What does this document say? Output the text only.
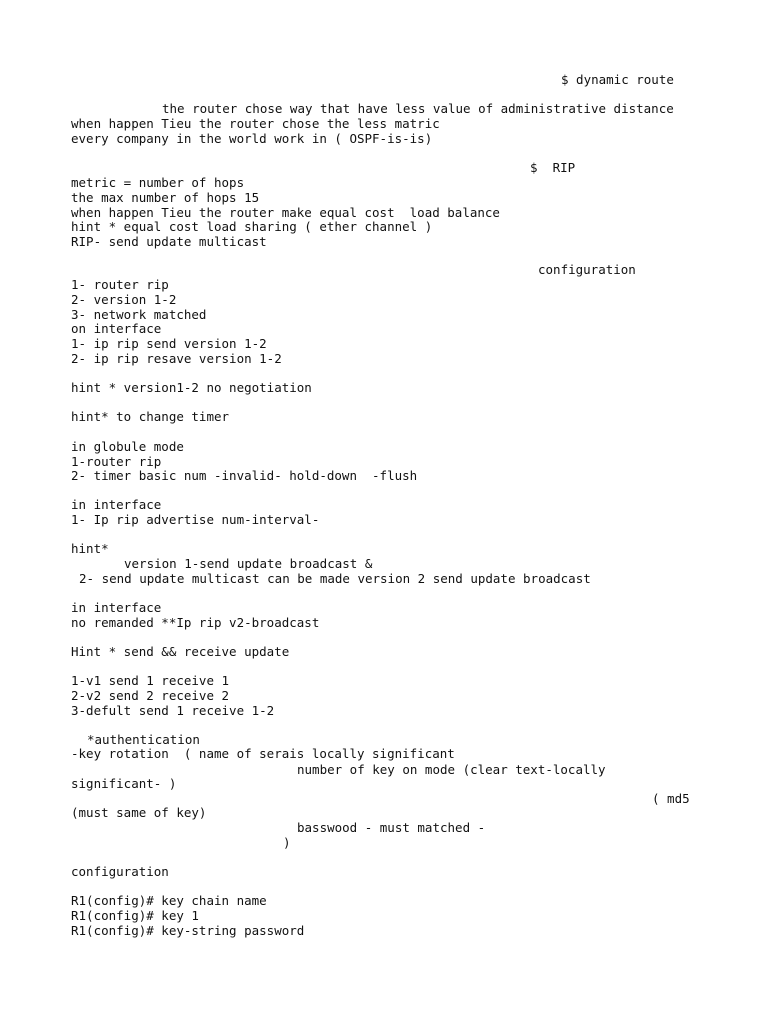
$ dynamic route

the router chose way that have less value of administrative distance

when happen Tieu the router chose the less matric

every company in the world work in ( OSPF-is-is)

$  RIP

metric = number of hops

the max number of hops 15

when happen Tieu the router make equal cost  load balance

hint * equal cost load sharing ( ether channel )

RIP- send update multicast

configuration

1- router rip

2- version 1-2

3- network matched

on interface

1- ip rip send version 1-2

2- ip rip resave version 1-2

hint * version1-2 no negotiation

hint* to change timer

in globule mode

1-router rip

2- timer basic num -invalid- hold-down  -flush

in interface

1- Ip rip advertise num-interval-

hint*

version 1-send update broadcast &

2- send update multicast can be made version 2 send update broadcast

in interface

no remanded **Ip rip v2-broadcast

Hint * send && receive update

1-v1 send 1 receive 1

2-v2 send 2 receive 2

3-defult send 1 receive 1-2

*authentication

-key rotation  ( name of serais locally significant

number of key on mode (clear text-locally

significant- )

( md5

(must same of key)

basswood - must matched -

)

configuration

R1(config)# key chain name

R1(config)# key 1

R1(config)# key-string password
